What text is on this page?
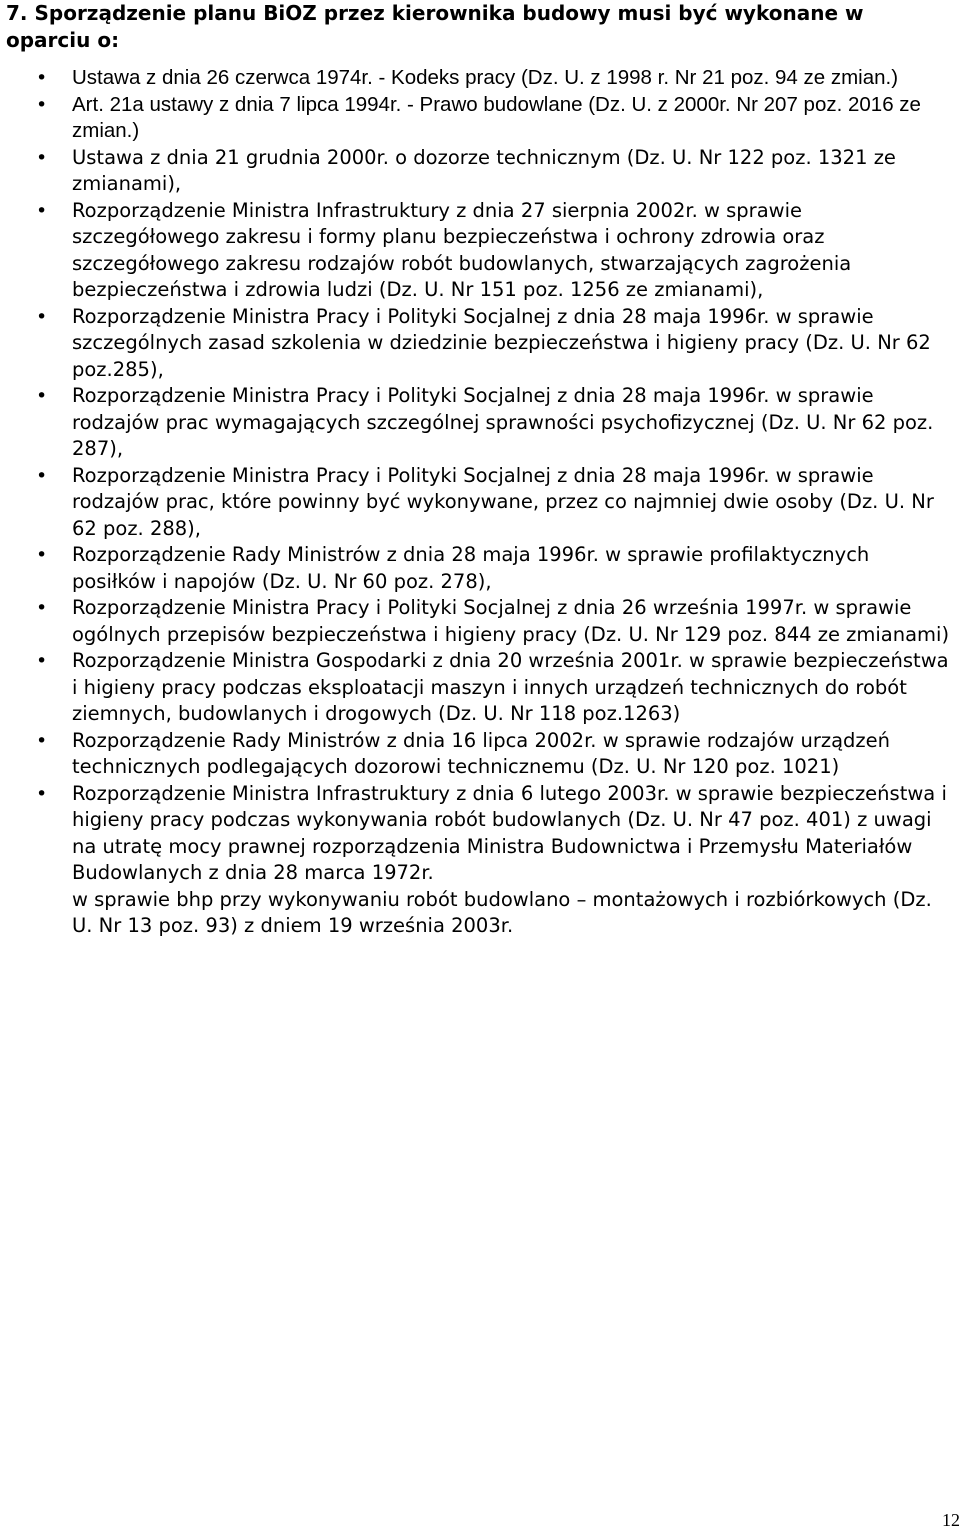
7. Sporządzenie planu BiOZ przez kierownika budowy musi być wykonane w oparciu o:
• Ustawa z dnia 26 czerwca 1974r. - Kodeks pracy (Dz. U. z 1998 r. Nr 21 poz. 94 ze zmian.)
• Art. 21a ustawy z dnia 7 lipca 1994r. - Prawo budowlane (Dz. U. z 2000r. Nr 207 poz. 2016 ze zmian.)
• Ustawa z dnia 21 grudnia 2000r. o dozorze technicznym (Dz. U. Nr 122 poz. 1321 ze zmianami),
• Rozporządzenie Ministra Infrastruktury z dnia 27 sierpnia 2002r. w sprawie szczegółowego zakresu i formy planu bezpieczeństwa i ochrony zdrowia oraz szczegółowego zakresu rodzajów robót budowlanych, stwarzających zagrożenia bezpieczeństwa i zdrowia ludzi (Dz. U. Nr 151 poz. 1256 ze zmianami),
• Rozporządzenie Ministra Pracy i Polityki Socjalnej z dnia 28 maja 1996r. w sprawie szczególnych zasad szkolenia w dziedzinie bezpieczeństwa i higieny pracy (Dz. U. Nr 62 poz.285),
• Rozporządzenie Ministra Pracy i Polityki Socjalnej z dnia 28 maja 1996r. w sprawie rodzajów prac wymagających szczególnej sprawności psychofizycznej (Dz. U. Nr 62 poz. 287),
• Rozporządzenie Ministra Pracy i Polityki Socjalnej z dnia 28 maja 1996r. w sprawie rodzajów prac, które powinny być wykonywane, przez co najmniej dwie osoby (Dz. U. Nr 62 poz. 288),
• Rozporządzenie Rady Ministrów z dnia 28 maja 1996r. w sprawie profilaktycznych posiłków i napojów (Dz. U. Nr 60 poz. 278),
• Rozporządzenie Ministra Pracy i Polityki Socjalnej z dnia 26 września 1997r. w sprawie ogólnych przepisów bezpieczeństwa i higieny pracy (Dz. U. Nr 129 poz. 844 ze zmianami)
• Rozporządzenie Ministra Gospodarki z dnia 20 września 2001r. w sprawie bezpieczeństwa i higieny pracy podczas eksploatacji maszyn i innych urządzeń technicznych do robót ziemnych, budowlanych i drogowych (Dz. U. Nr 118 poz.1263)
• Rozporządzenie Rady Ministrów z dnia 16 lipca 2002r. w sprawie rodzajów urządzeń technicznych podlegających dozorowi technicznemu (Dz. U. Nr 120 poz. 1021)
• Rozporządzenie Ministra Infrastruktury z dnia 6 lutego 2003r. w sprawie bezpieczeństwa i higieny pracy podczas wykonywania robót budowlanych (Dz. U. Nr 47 poz. 401) z uwagi na utratę mocy prawnej rozporządzenia Ministra Budownictwa i Przemysłu Materiałów Budowlanych z dnia 28 marca 1972r.
w sprawie bhp przy wykonywaniu robót budowlano – montażowych i rozbiórkowych (Dz. U. Nr 13 poz. 93) z dniem 19 września 2003r.
12
